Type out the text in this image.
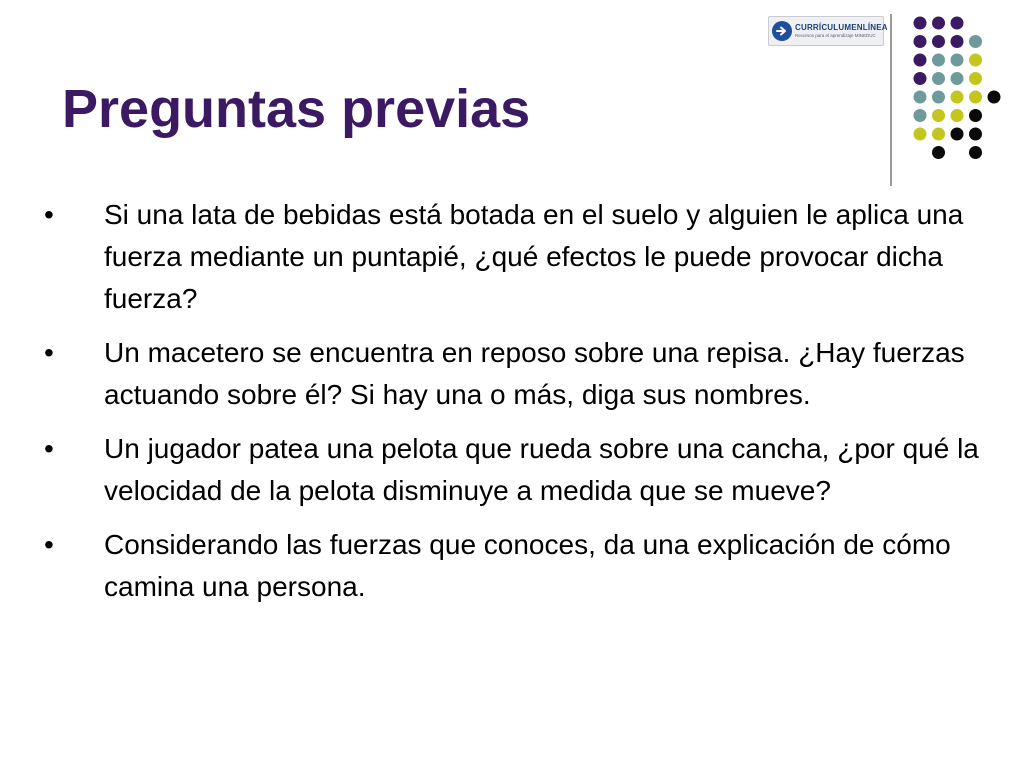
Preguntas previas
CURRÍCULUMENLÍNEA
Recursos para el aprendizaje MINEDUC
•	Si una lata de bebidas está botada en el suelo y alguien le aplica una fuerza mediante un puntapié, ¿qué efectos le puede provocar dicha fuerza?
•	Un macetero se encuentra en reposo sobre una repisa. ¿Hay fuerzas actuando sobre él? Si hay una o más, diga sus nombres.
•	Un jugador patea una pelota que rueda sobre una cancha, ¿por qué la velocidad de la pelota disminuye a medida que se mueve?
•	Considerando las fuerzas que conoces, da una explicación de cómo camina una persona.
